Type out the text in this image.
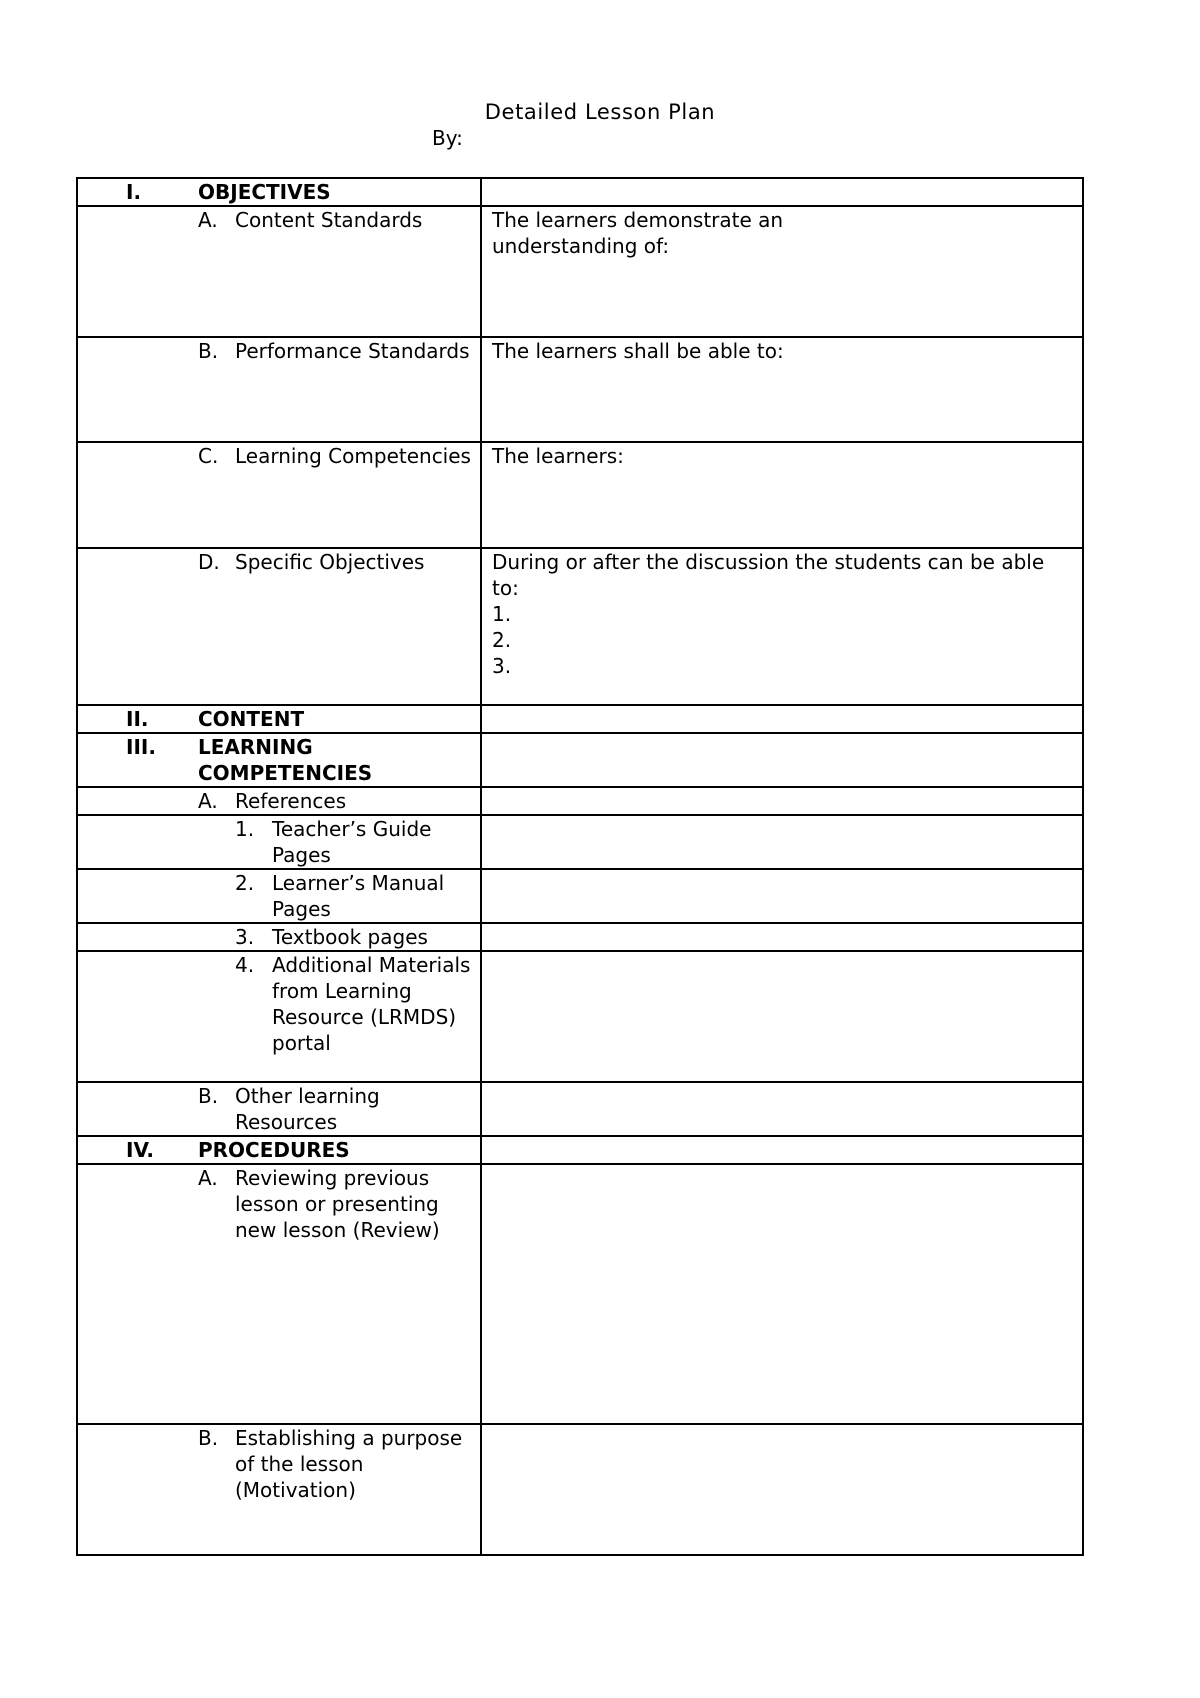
Detailed Lesson Plan
By:
I. OBJECTIVES	

A. Content Standards	The learners demonstrate an
understanding of:

B. Performance Standards	The learners shall be able to:

C. Learning Competencies	The learners:

D. Specific Objectives	During or after the discussion the students can be able to:
1.
2.
3.

II. CONTENT	

III. LEARNING COMPETENCIES	

A. References	

1. Teacher’s Guide Pages	

2. Learner’s Manual Pages	

3. Textbook pages	

4. Additional Materials from Learning Resource (LRMDS) portal	

B. Other learning Resources	

IV. PROCEDURES	

A. Reviewing previous lesson or presenting new lesson (Review)	

B. Establishing a purpose of the lesson (Motivation)	
